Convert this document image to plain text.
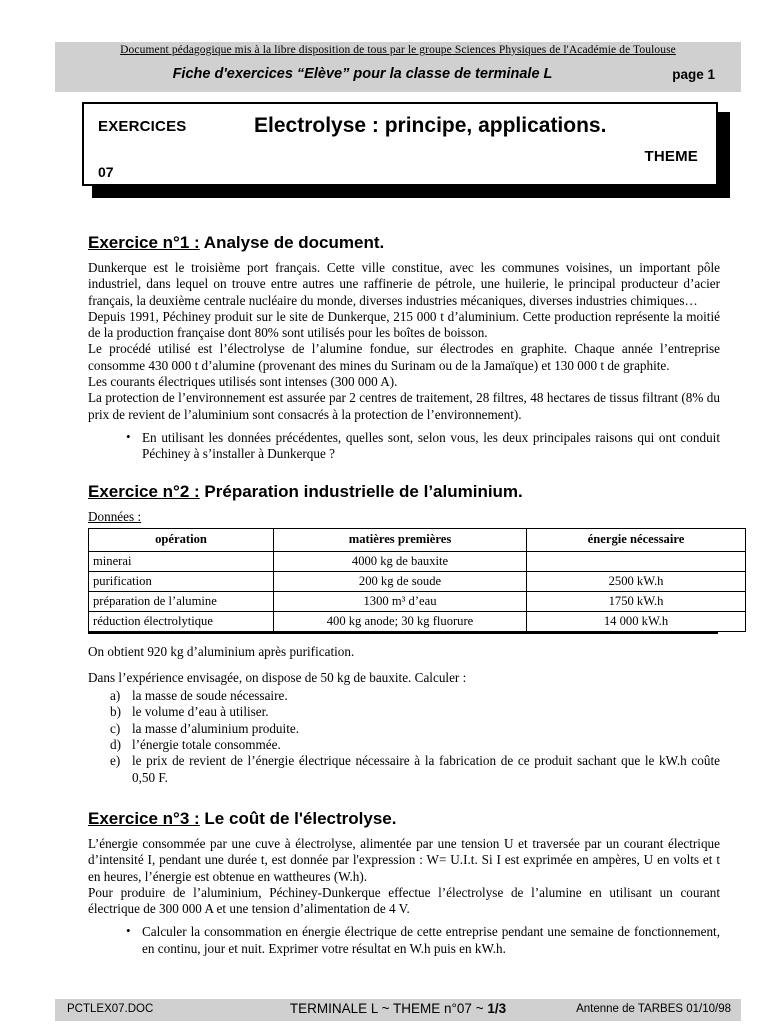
Document pédagogique mis à la libre disposition de tous par le groupe Sciences Physiques de l'Académie de Toulouse
Fiche d'exercices “Elève” pour la classe de terminale L	page 1
EXERCICES	Electrolyse : principe, applications.
THEME
07
Exercice n°1 : Analyse de document.

Dunkerque est le troisième port français. Cette ville constitue, avec les communes voisines, un important pôle industriel, dans lequel on trouve entre autres une raffinerie de pétrole, une huilerie, le principal producteur d’acier français, la deuxième centrale nucléaire du monde, diverses industries mécaniques, diverses industries chimiques…

Depuis 1991, Péchiney produit sur le site de Dunkerque, 215 000 t d’aluminium. Cette production représente la moitié de la production française dont 80% sont utilisés pour les boîtes de boisson.

Le procédé utilisé est l’électrolyse de l’alumine fondue, sur électrodes en graphite. Chaque année l’entreprise consomme 430 000 t d’alumine (provenant des mines du Surinam ou de la Jamaïque) et 130 000 t de graphite.

Les courants électriques utilisés sont intenses (300 000 A).

La protection de l’environnement est assurée par 2 centres de traitement, 28 filtres, 48 hectares de tissus filtrant (8% du prix de revient de l’aluminium sont consacrés à la protection de l’environnement).

• En utilisant les données précédentes, quelles sont, selon vous, les deux principales raisons qui ont conduit Péchiney à s’installer à Dunkerque ?
Exercice n°2 : Préparation industrielle de l’aluminium.
Données :
opération	matières premières	énergie nécessaire
minerai	4000 kg de bauxite	
purification	200 kg de soude	2500 kW.h
préparation de l’alumine	1300 m³ d’eau	1750 kW.h
réduction électrolytique	400 kg anode; 30 kg fluorure	14 000 kW.h

On obtient 920 kg d’aluminium après purification.

Dans l’expérience envisagée, on dispose de 50 kg de bauxite. Calculer :

a) la masse de soude nécessaire.
b) le volume d’eau à utiliser.
c) la masse d’aluminium produite.
d) l’énergie totale consommée.
e) le prix de revient de l’énergie électrique nécessaire à la fabrication de ce produit sachant que le kW.h coûte 0,50 F.
Exercice n°3 : Le coût de l'électrolyse.

L’énergie consommée par une cuve à électrolyse, alimentée par une tension U et traversée par un courant électrique d’intensité I, pendant une durée t, est donnée par l'expression : W= U.I.t. Si I est exprimée en ampères, U en volts et t en heures, l’énergie est obtenue en wattheures (W.h).

Pour produire de l’aluminium, Péchiney-Dunkerque effectue l’électrolyse de l’alumine en utilisant un courant électrique de 300 000 A et une tension d’alimentation de 4 V.

• Calculer la consommation en énergie électrique de cette entreprise pendant une semaine de fonctionnement, en continu, jour et nuit. Exprimer votre résultat en W.h puis en kW.h.
PCTLEX07.DOC	TERMINALE L ~ THEME n°07 ~ 1/3	Antenne de TARBES 01/10/98
